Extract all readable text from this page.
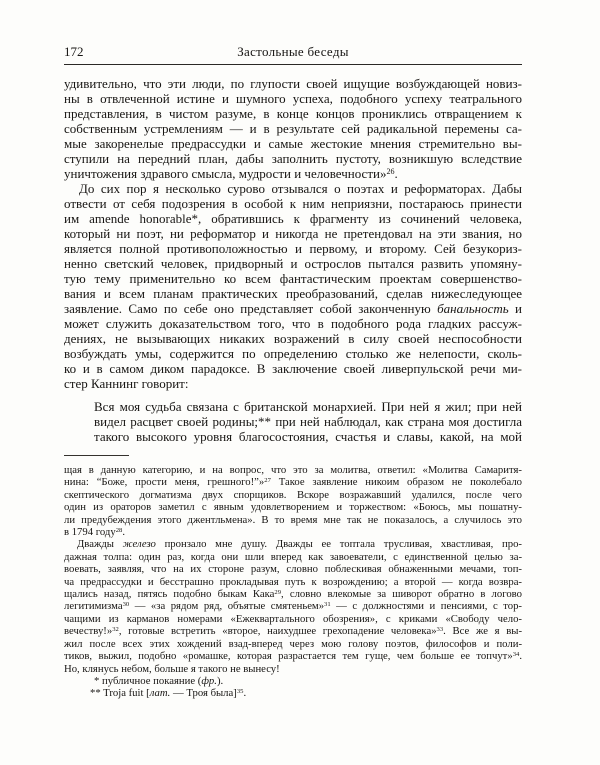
172	Застольные беседы
удивительно, что эти люди, по глупости своей ищущие возбуждающей новиз-
ны в отвлеченной истине и шумного успеха, подобного успеху театрального
представления, в чистом разуме, в конце концов прониклись отвращением к
собственным устремлениям — и в результате сей радикальной перемены са-
мые закоренелые предрассудки и самые жестокие мнения стремительно вы-
ступили на передний план, дабы заполнить пустоту, возникшую вследствие
уничтожения здравого смысла, мудрости и человечности»$^{26}$.
До сих пор я несколько сурово отзывался о поэтах и реформаторах. Дабы
отвести от себя подозрения в особой к ним неприязни, постараюсь принести
им amende honorable*, обратившись к фрагменту из сочинений человека,
который ни поэт, ни реформатор и никогда не претендовал на эти звания, но
является полной противоположностью и первому, и второму. Сей безукориз-
ненно светский человек, придворный и острослов пытался развить упомяну-
тую тему применительно ко всем фантастическим проектам совершенство-
вания и всем планам практических преобразований, сделав нижеследующее
заявление. Само по себе оно представляет собой законченную банальность и
может служить доказательством того, что в подобного рода гладких рассуж-
дениях, не вызывающих никаких возражений в силу своей неспособности
возбуждать умы, содержится по определению столько же нелепости, сколь-
ко и в самом диком парадоксе. В заключение своей ливерпульской речи ми-
стер Каннинг говорит:
Вся моя судьба связана с британской монархией. При ней я жил; при ней
видел расцвет своей родины;** при ней наблюдал, как страна моя достигла
такого высокого уровня благосостояния, счастья и славы, какой, на мой
щая в данную категорию, и на вопрос, что это за молитва, ответил: «Молитва Самаритя-
нина: “Боже, прости меня, грешного!”»$^{27}$ Такое заявление никоим образом не поколебало
скептического догматизма двух спорщиков. Вскоре возражавший удалился, после чего
один из ораторов заметил с явным удовлетворением и торжеством: «Боюсь, мы пошатну-
ли предубеждения этого джентльмена». В то время мне так не показалось, а случилось это
в 1794 году$^{28}$.
Дважды железо пронзало мне душу. Дважды ее топтала трусливая, хвастливая, про-
дажная толпа: один раз, когда они шли вперед как завоеватели, с единственной целью за-
воевать, заявляя, что на их стороне разум, словно поблескивая обнаженными мечами, топ-
ча предрассудки и бесстрашно прокладывая путь к возрождению; а второй — когда возвра-
щались назад, пятясь подобно быкам Кака$^{29}$, словно влекомые за шиворот обратно в логово
легитимизма$^{30}$ — «за рядом ряд, объятые смятеньем»$^{31}$ — с должностями и пенсиями, с тор-
чащими из карманов номерами «Ежеквартального обозрения», с криками «Свободу чело-
вечеству!»$^{32}$, готовые встретить «второе, наихудшее грехопадение человека»$^{33}$. Все же я вы-
жил после всех этих хождений взад-вперед через мою голову поэтов, философов и поли-
тиков, выжил, подобно «ромашке, которая разрастается тем гуще, чем больше ее топчут»$^{34}$.
Но, клянусь небом, больше я такого не вынесу!
* публичное покаяние (фр.).
** Troja fuit [лат. — Троя была]$^{35}$.
